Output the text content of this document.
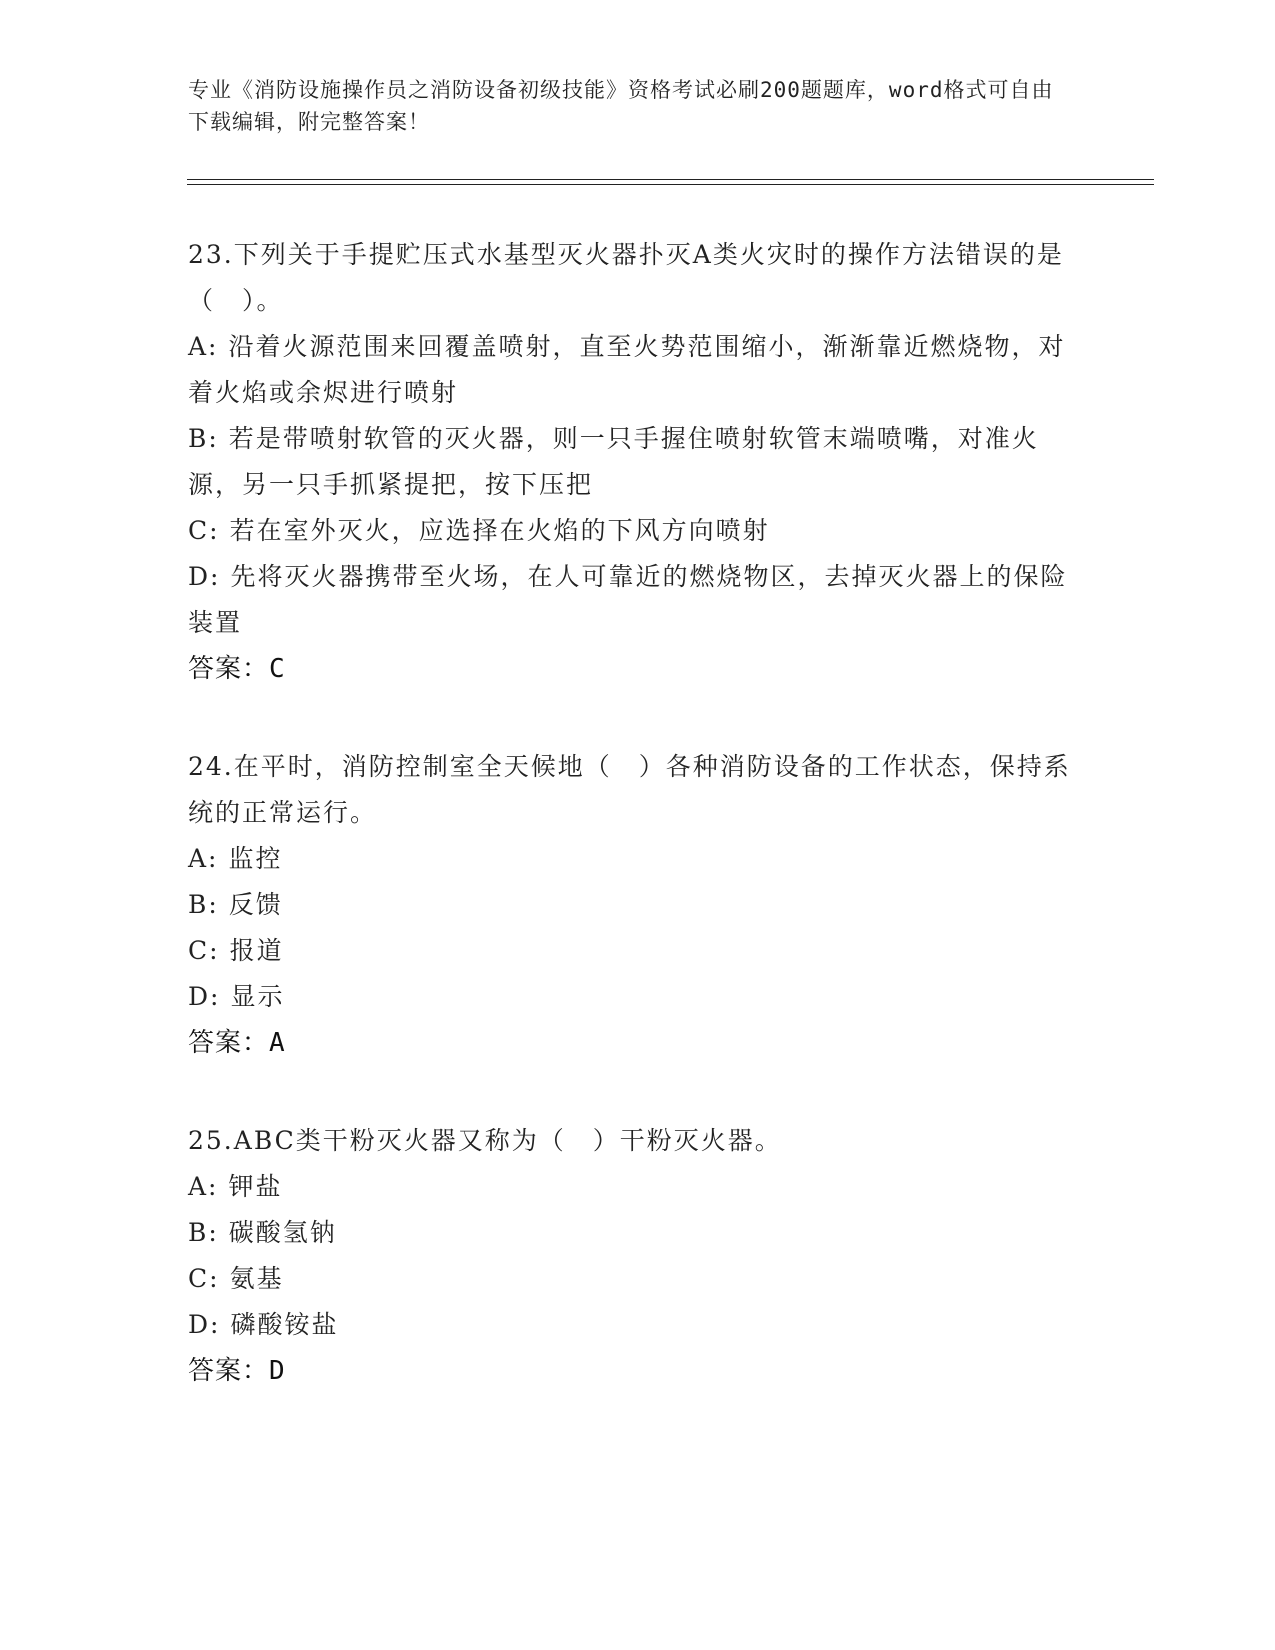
专业《消防设施操作员之消防设备初级技能》资格考试必刷200题题库，word格式可自由下载编辑，附完整答案！

23.下列关于手提贮压式水基型灭火器扑灭A类火灾时的操作方法错误的是（　）。

A: 沿着火源范围来回覆盖喷射，直至火势范围缩小，渐渐靠近燃烧物，对着火焰或余烬进行喷射

B: 若是带喷射软管的灭火器，则一只手握住喷射软管末端喷嘴，对准火源，另一只手抓紧提把，按下压把

C: 若在室外灭火，应选择在火焰的下风方向喷射

D: 先将灭火器携带至火场，在人可靠近的燃烧物区，去掉灭火器上的保险装置

答案：C

24.在平时，消防控制室全天候地（　）各种消防设备的工作状态，保持系统的正常运行。

A: 监控

B: 反馈

C: 报道

D: 显示

答案：A

25.ABC类干粉灭火器又称为（　）干粉灭火器。

A: 钾盐

B: 碳酸氢钠

C: 氨基

D: 磷酸铵盐

答案：D
